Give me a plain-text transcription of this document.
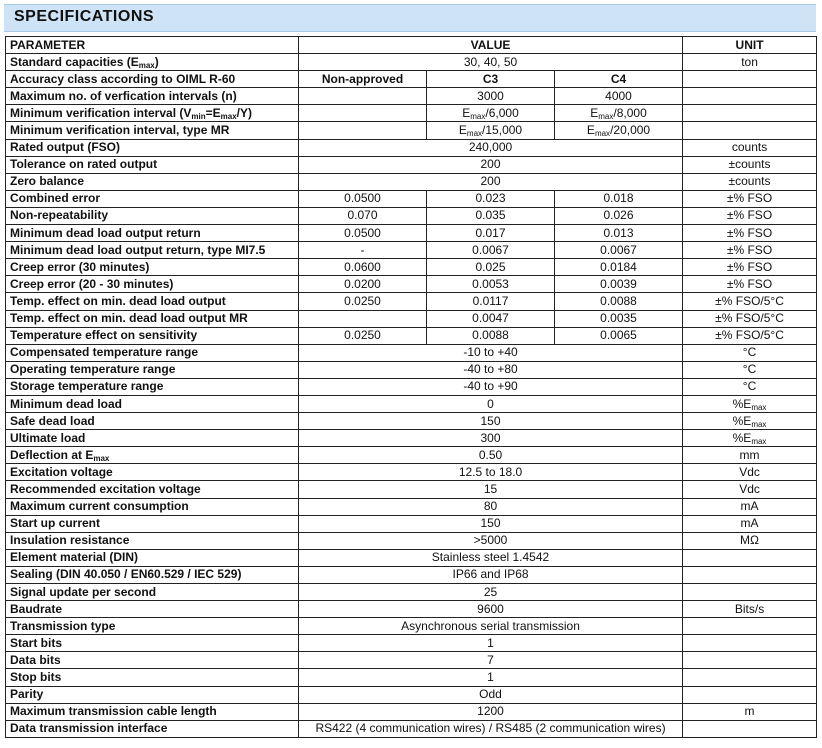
SPECIFICATIONS
PARAMETER	VALUE			UNIT
Standard capacities $(E_{max})$	30, 40, 50			ton
Accuracy class according to OIML R-60	Non-approved	C3	C4	
Maximum no. of verfication intervals (n)		3000	4000	
Minimum verification interval $(V_{min}=E_{max}/Y)$		$E_{max}/6,000$	$E_{max}/8,000$	
Minimum verification interval, type MR		$E_{max}/15,000$	$E_{max}/20,000$	
Rated output (FSO)	240,000			counts
Tolerance on rated output	200			±counts
Zero balance	200			±counts
Combined error	0.0500	0.023	0.018	±% FSO
Non-repeatability	0.070	0.035	0.026	±% FSO
Minimum dead load output return	0.0500	0.017	0.013	±% FSO
Minimum dead load output return, type MI7.5	-	0.0067	0.0067	±% FSO
Creep error (30 minutes)	0.0600	0.025	0.0184	±% FSO
Creep error (20 - 30 minutes)	0.0200	0.0053	0.0039	±% FSO
Temp. effect on min. dead load output	0.0250	0.0117	0.0088	±% FSO/5°C
Temp. effect on min. dead load output MR		0.0047	0.0035	±% FSO/5°C
Temperature effect on sensitivity	0.0250	0.0088	0.0065	±% FSO/5°C
Compensated temperature range	-10 to +40			°C
Operating temperature range	-40 to +80			°C
Storage temperature range	-40 to +90			°C
Minimum dead load	0			$\%E_{max}$
Safe dead load	150			$\%E_{max}$
Ultimate load	300			$\%E_{max}$
Deflection at $E_{max}$	0.50			mm
Excitation voltage	12.5 to 18.0			Vdc
Recommended excitation voltage	15			Vdc
Maximum current consumption	80			mA
Start up current	150			mA
Insulation resistance	>5000			MΩ
Element material (DIN)	Stainless steel 1.4542			
Sealing (DIN 40.050 / EN60.529 / IEC 529)	IP66 and IP68			
Signal update per second	25			
Baudrate	9600			Bits/s
Transmission type	Asynchronous serial transmission			
Start bits	1			
Data bits	7			
Stop bits	1			
Parity	Odd			
Maximum transmission cable length	1200			m
Data transmission interface	RS422 (4 communication wires) / RS485 (2 communication wires)			
